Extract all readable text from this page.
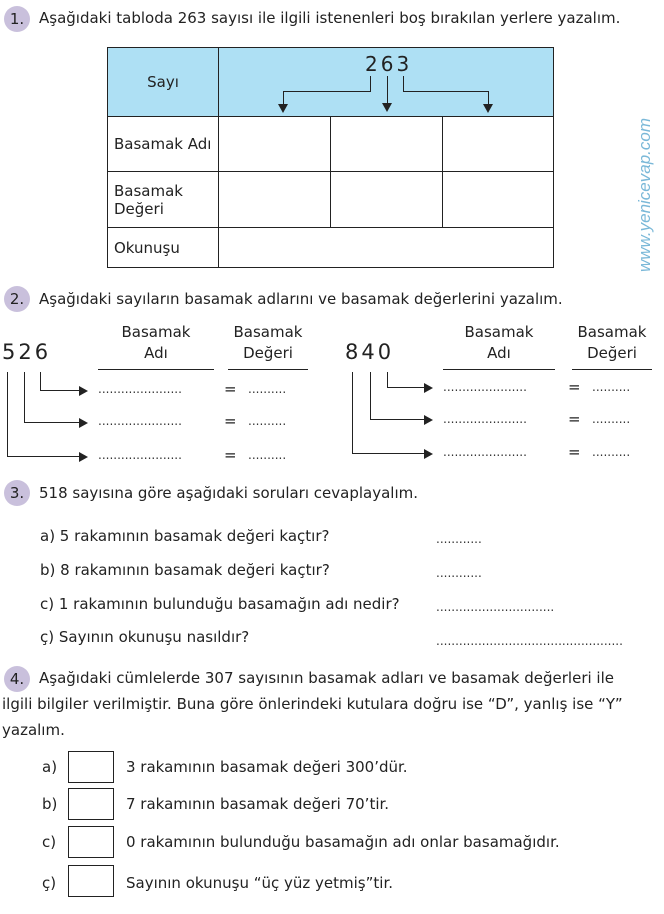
1. Aşağıdaki tabloda 263 sayısı ile ilgili istenenleri boş bırakılan yerlere yazalım.
Sayı	263		

Basamak Adı			
Basamak
Değeri			
Okunuşu				www.yenicevap.com
2. Aşağıdaki sayıların basamak adlarını ve basamak değerlerini yazalım.
526
Basamak
Adı
Basamak
Değeri
......................	= ..........
......................	= ..........
......................	= ..........
840
Basamak
Adı
Basamak
Değeri
......................	= ..........
......................	= ..........
......................	= ..........
3. 518 sayısına göre aşağıdaki soruları cevaplayalım.
a) 5 rakamının basamak değeri kaçtır?	............
b) 8 rakamının basamak değeri kaçtır?	............
c) 1 rakamının bulunduğu basamağın adı nedir?	...............................
ç) Sayının okunuşu nasıldır?	.................................................
4. Aşağıdaki cümlelerde 307 sayısının basamak adları ve basamak değerleri ile
ilgili bilgiler verilmiştir. Buna göre önlerindeki kutulara doğru ise “D”, yanlış ise “Y”
yazalım.
a)	3 rakamının basamak değeri 300’dür.
b)	7 rakamının basamak değeri 70’tir.
c)	0 rakamının bulunduğu basamağın adı onlar basamağıdır.
ç)	Sayının okunuşu “üç yüz yetmiş”tir.
